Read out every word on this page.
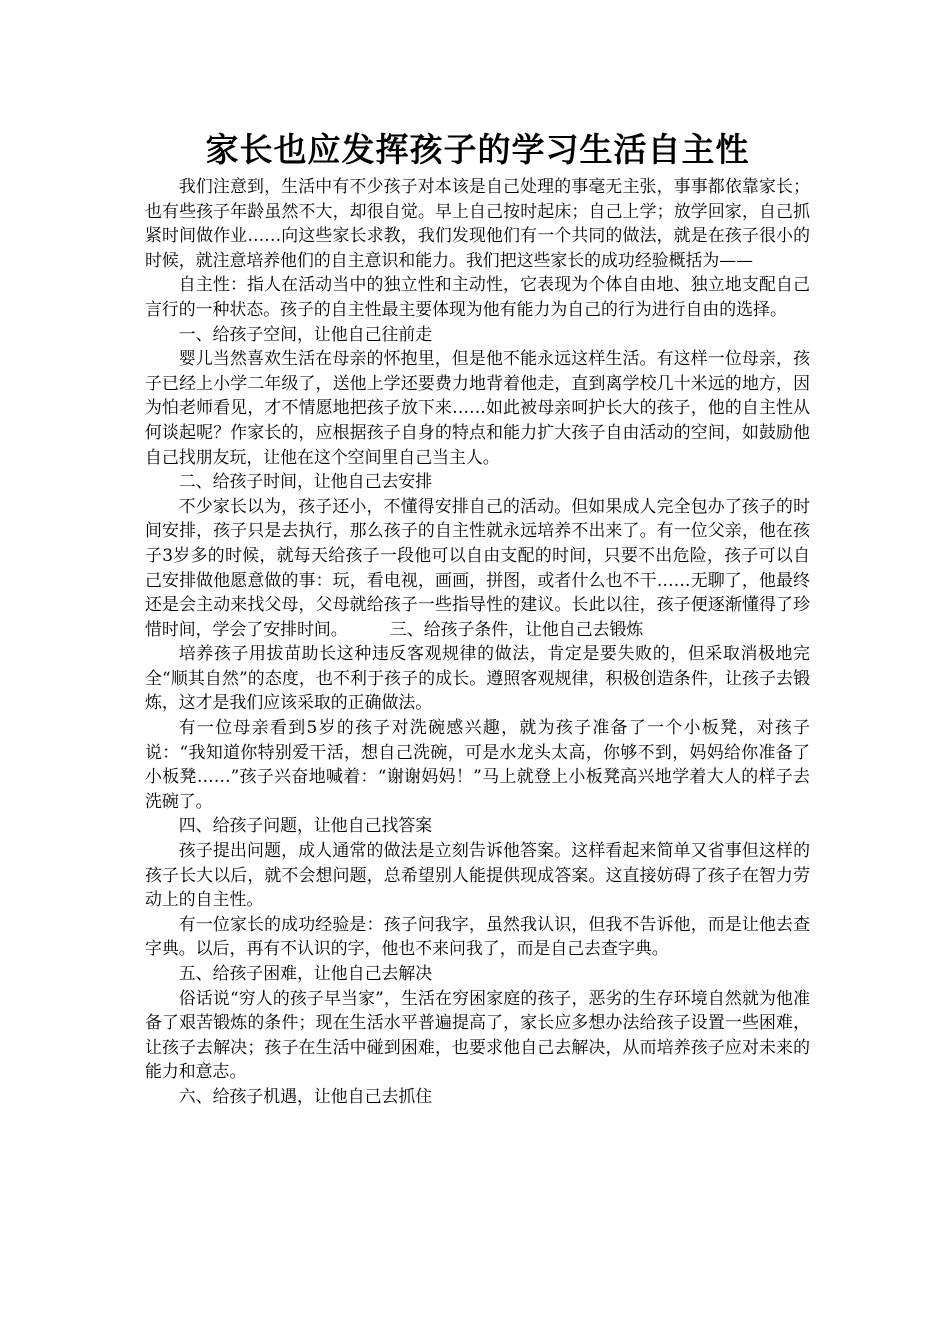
家长也应发挥孩子的学习生活自主性

我们注意到，生活中有不少孩子对本该是自己处理的事毫无主张，事事都依靠家长；也有些孩子年龄虽然不大，却很自觉。早上自己按时起床；自己上学；放学回家，自己抓紧时间做作业……向这些家长求教，我们发现他们有一个共同的做法，就是在孩子很小的时候，就注意培养他们的自主意识和能力。我们把这些家长的成功经验概括为——

自主性：指人在活动当中的独立性和主动性，它表现为个体自由地、独立地支配自己言行的一种状态。孩子的自主性最主要体现为他有能力为自己的行为进行自由的选择。

一、给孩子空间，让他自己往前走

婴儿当然喜欢生活在母亲的怀抱里，但是他不能永远这样生活。有这样一位母亲，孩子已经上小学二年级了，送他上学还要费力地背着他走，直到离学校几十米远的地方，因为怕老师看见，才不情愿地把孩子放下来……如此被母亲呵护长大的孩子，他的自主性从何谈起呢？作家长的，应根据孩子自身的特点和能力扩大孩子自由活动的空间，如鼓励他自己找朋友玩，让他在这个空间里自己当主人。

二、给孩子时间，让他自己去安排

不少家长以为，孩子还小，不懂得安排自己的活动。但如果成人完全包办了孩子的时间安排，孩子只是去执行，那么孩子的自主性就永远培养不出来了。有一位父亲，他在孩子3岁多的时候，就每天给孩子一段他可以自由支配的时间，只要不出危险，孩子可以自己安排做他愿意做的事：玩，看电视，画画，拼图，或者什么也不干……无聊了，他最终还是会主动来找父母，父母就给孩子一些指导性的建议。长此以往，孩子便逐渐懂得了珍惜时间，学会了安排时间。　　　三、给孩子条件，让他自己去锻炼

培养孩子用拔苗助长这种违反客观规律的做法，肯定是要失败的，但采取消极地完全“顺其自然”的态度，也不利于孩子的成长。遵照客观规律，积极创造条件，让孩子去锻炼，这才是我们应该采取的正确做法。

有一位母亲看到5岁的孩子对洗碗感兴趣，就为孩子准备了一个小板凳，对孩子说：“我知道你特别爱干活，想自己洗碗，可是水龙头太高，你够不到，妈妈给你准备了小板凳……”孩子兴奋地喊着：“谢谢妈妈！”马上就登上小板凳高兴地学着大人的样子去洗碗了。

四、给孩子问题，让他自己找答案

孩子提出问题，成人通常的做法是立刻告诉他答案。这样看起来简单又省事但这样的孩子长大以后，就不会想问题，总希望别人能提供现成答案。这直接妨碍了孩子在智力劳动上的自主性。

有一位家长的成功经验是：孩子问我字，虽然我认识，但我不告诉他，而是让他去查字典。以后，再有不认识的字，他也不来问我了，而是自己去查字典。

五、给孩子困难，让他自己去解决

俗话说“穷人的孩子早当家”，生活在穷困家庭的孩子，恶劣的生存环境自然就为他准备了艰苦锻炼的条件；现在生活水平普遍提高了，家长应多想办法给孩子设置一些困难，让孩子去解决；孩子在生活中碰到困难，也要求他自己去解决，从而培养孩子应对未来的能力和意志。

六、给孩子机遇，让他自己去抓住
